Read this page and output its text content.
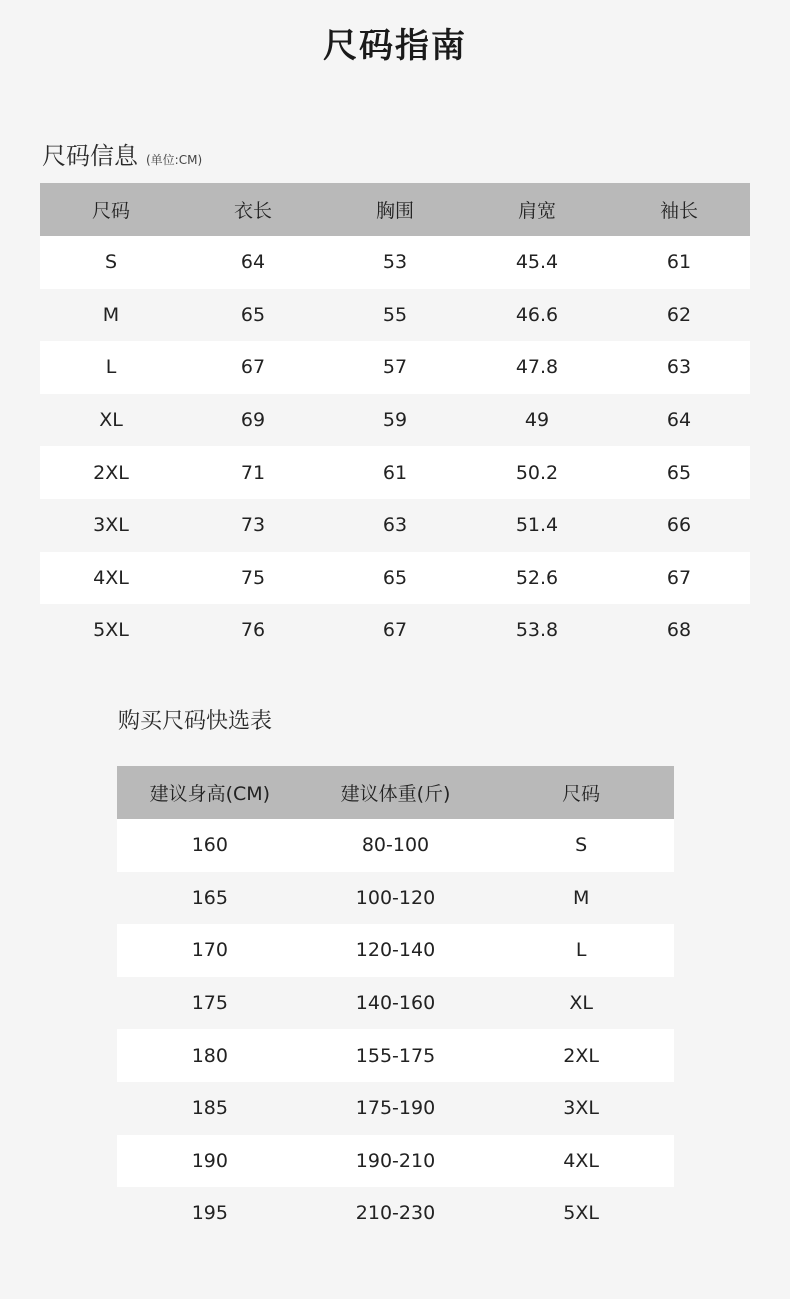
尺码指南
尺码信息 (单位:CM)
尺码	衣长	胸围	肩宽	袖长
S	64	53	45.4	61
M	65	55	46.6	62
L	67	57	47.8	63
XL	69	59	49	64
2XL	71	61	50.2	65
3XL	73	63	51.4	66
4XL	75	65	52.6	67
5XL	76	67	53.8	68
购买尺码快选表
建议身高(CM)	建议体重(斤)	尺码
160	80-100	S
165	100-120	M
170	120-140	L
175	140-160	XL
180	155-175	2XL
185	175-190	3XL
190	190-210	4XL
195	210-230	5XL
